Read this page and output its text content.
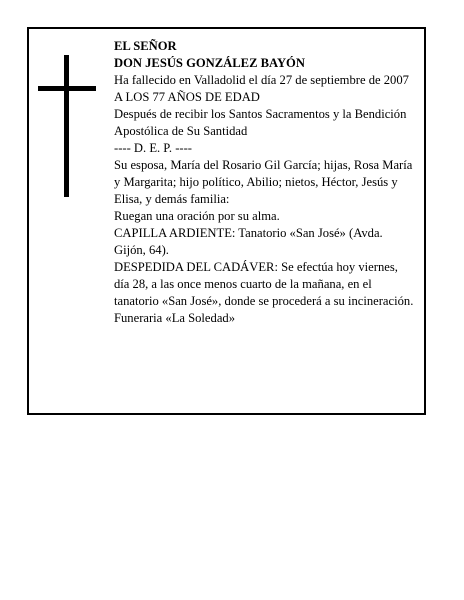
EL SEÑOR

DON JESÚS GONZÁLEZ BAYÓN

Ha fallecido en Valladolid el día 27 de septiembre de 2007

A LOS 77 AÑOS DE EDAD

Después de recibir los Santos Sacramentos y la Bendición Apostólica de Su Santidad

---- D. E. P. ----

Su esposa, María del Rosario Gil García; hijas, Rosa María y Margarita; hijo político, Abilio; nietos, Héctor, Jesús y Elisa, y demás familia:

Ruegan una oración por su alma.

CAPILLA ARDIENTE: Tanatorio «San José» (Avda. Gijón, 64).

DESPEDIDA DEL CADÁVER: Se efectúa hoy viernes, día 28, a las once menos cuarto de la mañana, en el tanatorio «San José», donde se procederá a su incineración.

Funeraria «La Soledad»
